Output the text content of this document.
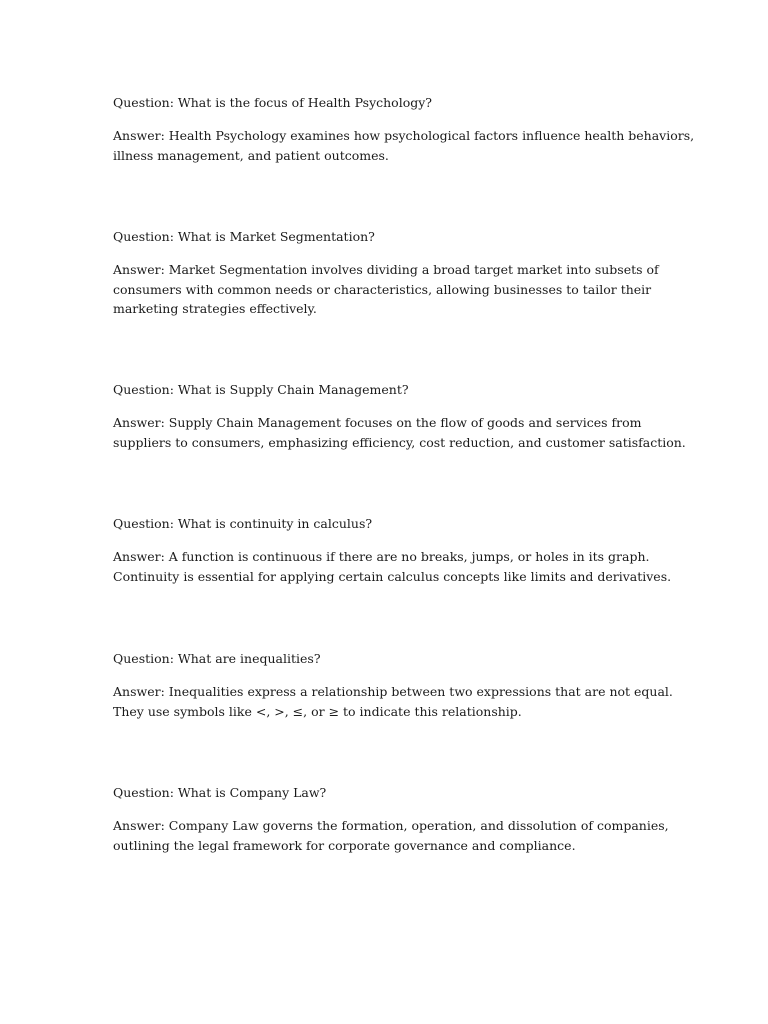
Question: What is the focus of Health Psychology?

Answer: Health Psychology examines how psychological factors influence health behaviors,
illness management, and patient outcomes.

Question: What is Market Segmentation?

Answer: Market Segmentation involves dividing a broad target market into subsets of
consumers with common needs or characteristics, allowing businesses to tailor their
marketing strategies effectively.

Question: What is Supply Chain Management?

Answer: Supply Chain Management focuses on the flow of goods and services from
suppliers to consumers, emphasizing efficiency, cost reduction, and customer satisfaction.

Question: What is continuity in calculus?

Answer: A function is continuous if there are no breaks, jumps, or holes in its graph.
Continuity is essential for applying certain calculus concepts like limits and derivatives.

Question: What are inequalities?

Answer: Inequalities express a relationship between two expressions that are not equal.
They use symbols like <, >, ≤, or ≥ to indicate this relationship.

Question: What is Company Law?

Answer: Company Law governs the formation, operation, and dissolution of companies,
outlining the legal framework for corporate governance and compliance.
